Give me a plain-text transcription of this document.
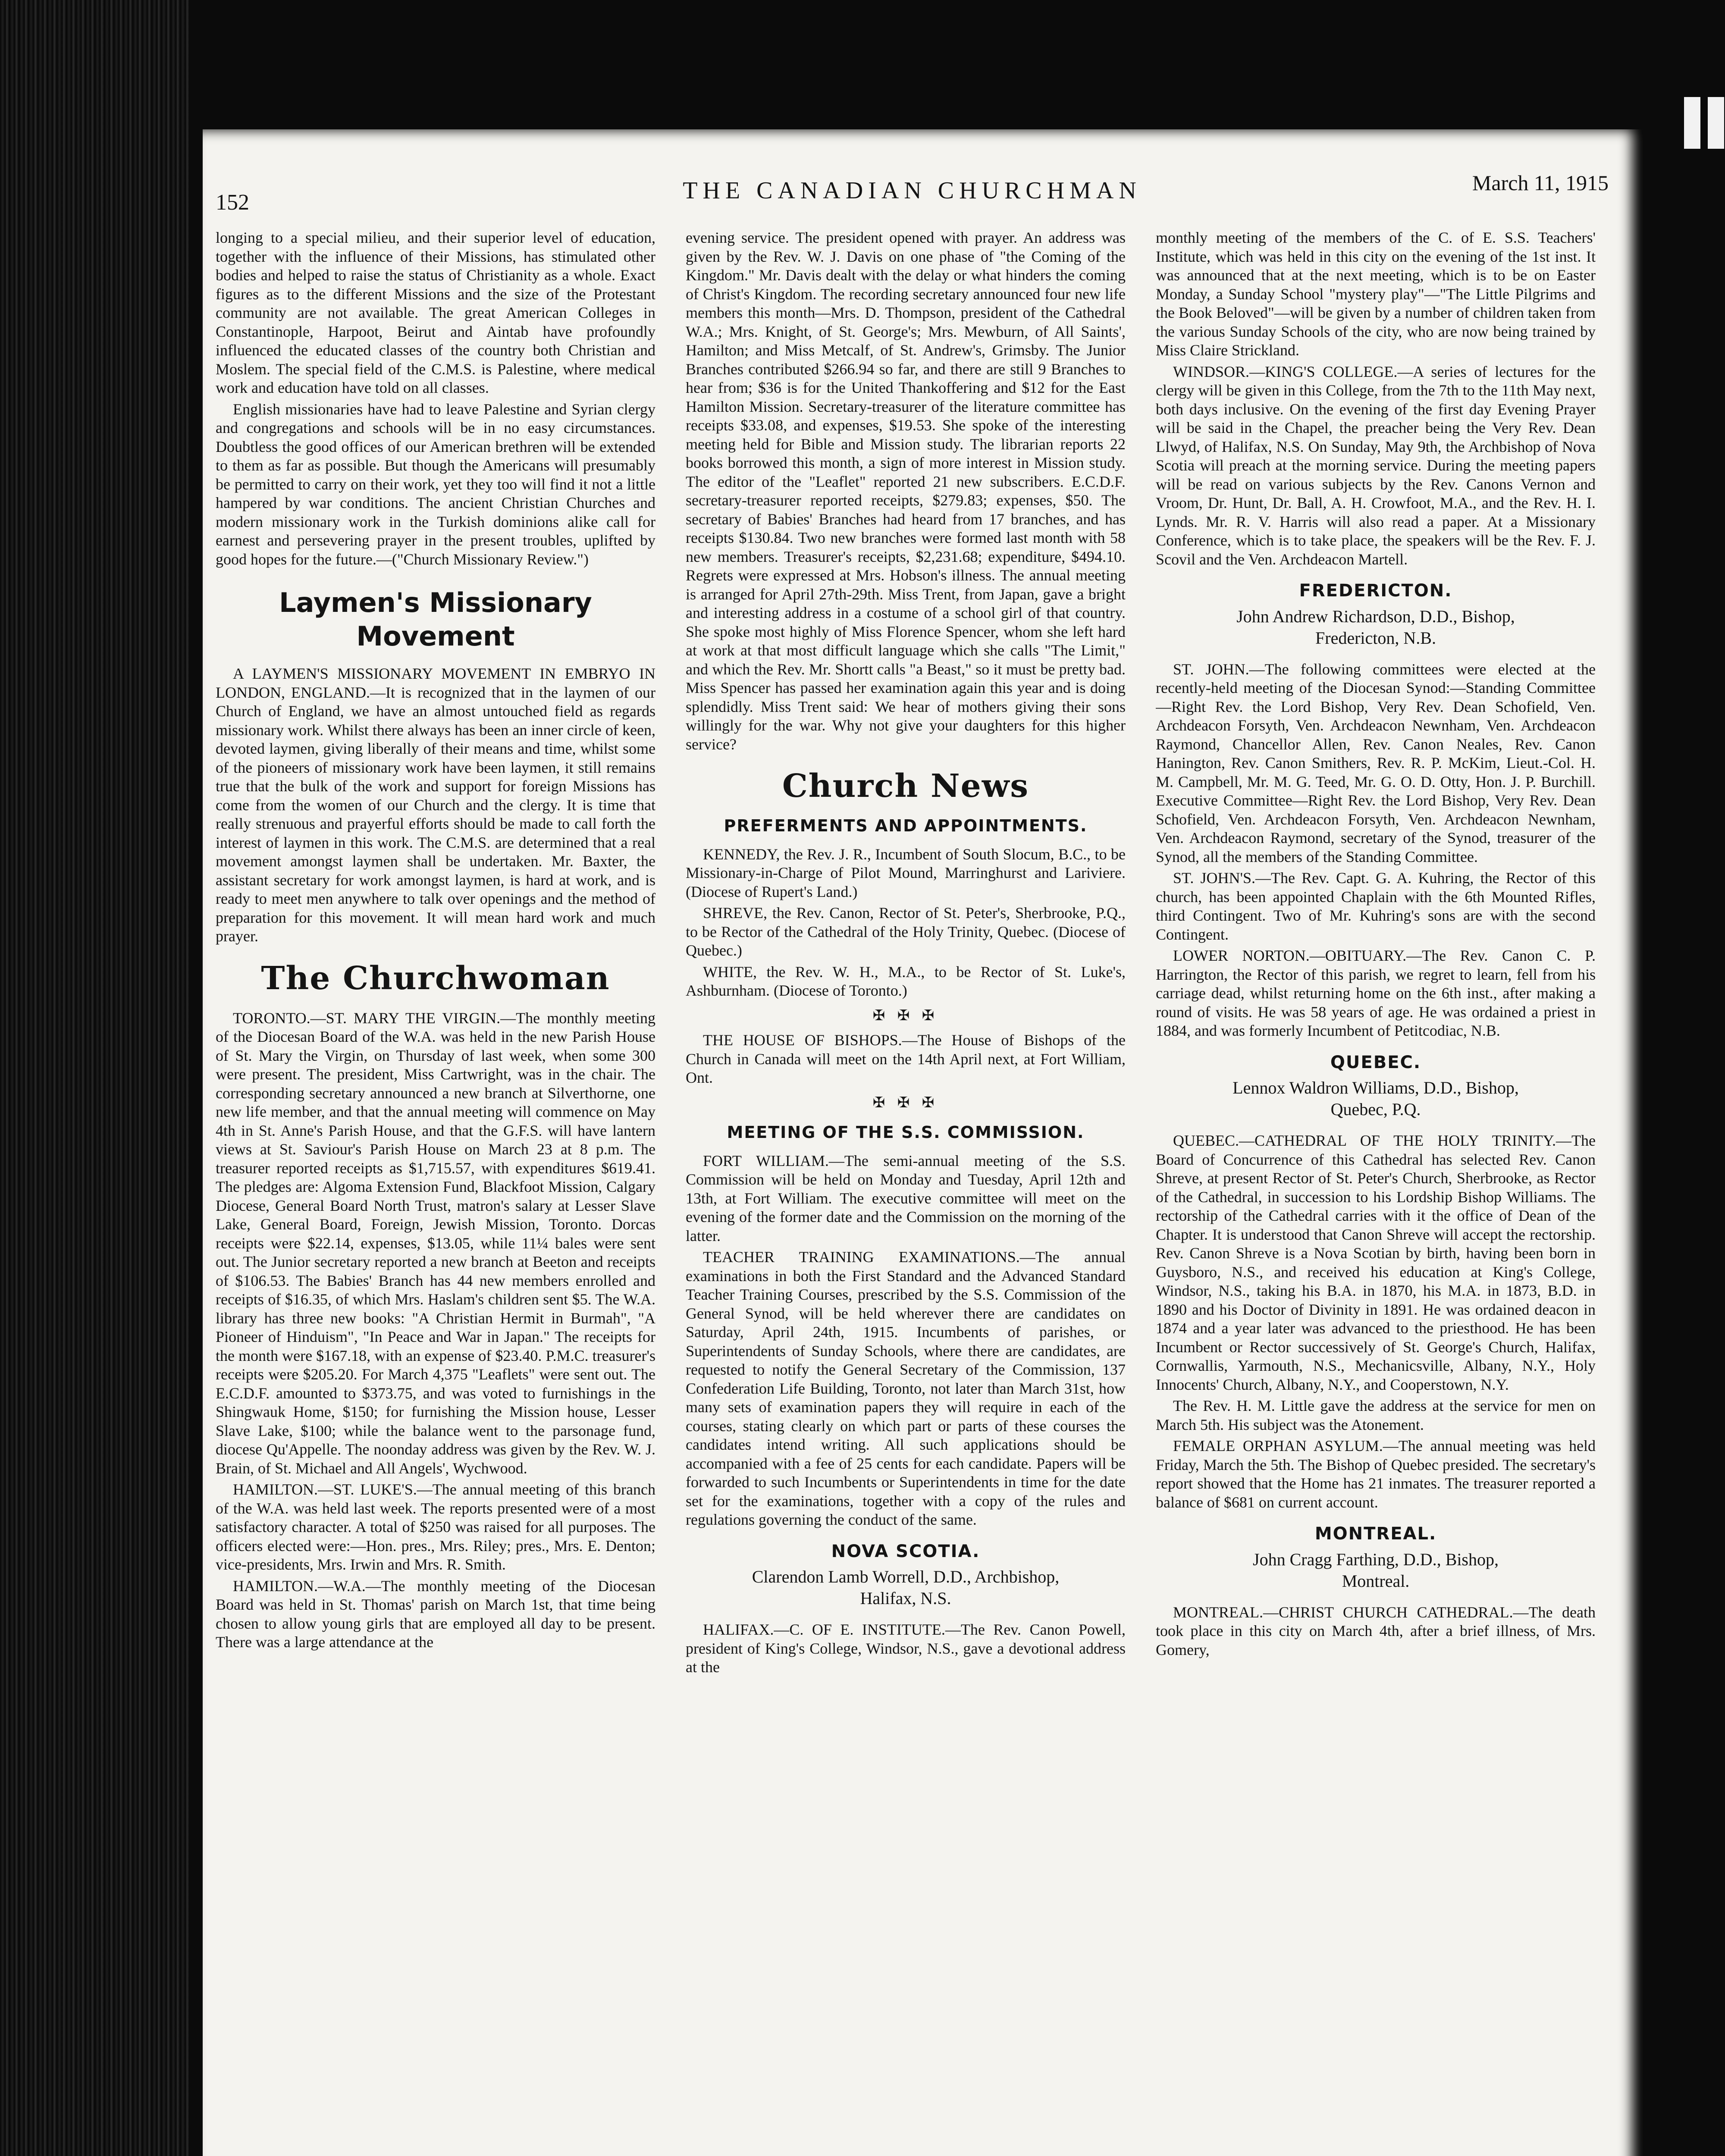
152	THE CANADIAN CHURCHMAN	March 11, 1915

longing to a special milieu, and their superior level of education, together with the influence of their Missions, has stimulated other bodies and helped to raise the status of Christianity as a whole. Exact figures as to the different Missions and the size of the Protestant community are not available. The great American Colleges in Constantinople, Harpoot, Beirut and Aintab have profoundly influenced the educated classes of the country both Christian and Moslem. The special field of the C.M.S. is Palestine, where medical work and education have told on all classes.

English missionaries have had to leave Palestine and Syrian clergy and congregations and schools will be in no easy circumstances. Doubtless the good offices of our American brethren will be extended to them as far as possible. But though the Americans will presumably be permitted to carry on their work, yet they too will find it not a little hampered by war conditions. The ancient Christian Churches and modern missionary work in the Turkish dominions alike call for earnest and persevering prayer in the present troubles, uplifted by good hopes for the future.—("Church Missionary Review.")

Laymen's Missionary Movement

A LAYMEN'S MISSIONARY MOVEMENT IN EMBRYO IN LONDON, ENGLAND.—It is recognized that in the laymen of our Church of England, we have an almost untouched field as regards missionary work. Whilst there always has been an inner circle of keen, devoted laymen, giving liberally of their means and time, whilst some of the pioneers of missionary work have been laymen, it still remains true that the bulk of the work and support for foreign Missions has come from the women of our Church and the clergy. It is time that really strenuous and prayerful efforts should be made to call forth the interest of laymen in this work. The C.M.S. are determined that a real movement amongst laymen shall be undertaken. Mr. Baxter, the assistant secretary for work amongst laymen, is hard at work, and is ready to meet men anywhere to talk over openings and the method of preparation for this movement. It will mean hard work and much prayer.

The Churchwoman

TORONTO.—ST. MARY THE VIRGIN.—The monthly meeting of the Diocesan Board of the W.A. was held in the new Parish House of St. Mary the Virgin, on Thursday of last week, when some 300 were present. The president, Miss Cartwright, was in the chair. The corresponding secretary announced a new branch at Silverthorne, one new life member, and that the annual meeting will commence on May 4th in St. Anne's Parish House, and that the G.F.S. will have lantern views at St. Saviour's Parish House on March 23 at 8 p.m. The treasurer reported receipts as $1,715.57, with expenditures $619.41. The pledges are: Algoma Extension Fund, Blackfoot Mission, Calgary Diocese, General Board North Trust, matron's salary at Lesser Slave Lake, General Board, Foreign, Jewish Mission, Toronto. Dorcas receipts were $22.14, expenses, $13.05, while 11¼ bales were sent out. The Junior secretary reported a new branch at Beeton and receipts of $106.53. The Babies' Branch has 44 new members enrolled and receipts of $16.35, of which Mrs. Haslam's children sent $5. The W.A. library has three new books: "A Christian Hermit in Burmah", "A Pioneer of Hinduism", "In Peace and War in Japan." The receipts for the month were $167.18, with an expense of $23.40. P.M.C. treasurer's receipts were $205.20. For March 4,375 "Leaflets" were sent out. The E.C.D.F. amounted to $373.75, and was voted to furnishings in the Shingwauk Home, $150; for furnishing the Mission house, Lesser Slave Lake, $100; while the balance went to the parsonage fund, diocese Qu'Appelle. The noonday address was given by the Rev. W. J. Brain, of St. Michael and All Angels', Wychwood.

HAMILTON.—ST. LUKE'S.—The annual meeting of this branch of the W.A. was held last week. The reports presented were of a most satisfactory character. A total of $250 was raised for all purposes. The officers elected were:—Hon. pres., Mrs. Riley; pres., Mrs. E. Denton; vice-presidents, Mrs. Irwin and Mrs. R. Smith.

HAMILTON.—W.A.—The monthly meeting of the Diocesan Board was held in St. Thomas' parish on March 1st, that time being chosen to allow young girls that are employed all day to be present. There was a large attendance at the

evening service. The president opened with prayer. An address was given by the Rev. W. J. Davis on one phase of "the Coming of the Kingdom." Mr. Davis dealt with the delay or what hinders the coming of Christ's Kingdom. The recording secretary announced four new life members this month—Mrs. D. Thompson, president of the Cathedral W.A.; Mrs. Knight, of St. George's; Mrs. Mewburn, of All Saints', Hamilton; and Miss Metcalf, of St. Andrew's, Grimsby. The Junior Branches contributed $266.94 so far, and there are still 9 Branches to hear from; $36 is for the United Thankoffering and $12 for the East Hamilton Mission. Secretary-treasurer of the literature committee has receipts $33.08, and expenses, $19.53. She spoke of the interesting meeting held for Bible and Mission study. The librarian reports 22 books borrowed this month, a sign of more interest in Mission study. The editor of the "Leaflet" reported 21 new subscribers. E.C.D.F. secretary-treasurer reported receipts, $279.83; expenses, $50. The secretary of Babies' Branches had heard from 17 branches, and has receipts $130.84. Two new branches were formed last month with 58 new members. Treasurer's receipts, $2,231.68; expenditure, $494.10. Regrets were expressed at Mrs. Hobson's illness. The annual meeting is arranged for April 27th-29th. Miss Trent, from Japan, gave a bright and interesting address in a costume of a school girl of that country. She spoke most highly of Miss Florence Spencer, whom she left hard at work at that most difficult language which she calls "The Limit," and which the Rev. Mr. Shortt calls "a Beast," so it must be pretty bad. Miss Spencer has passed her examination again this year and is doing splendidly. Miss Trent said: We hear of mothers giving their sons willingly for the war. Why not give your daughters for this higher service?

Church News
PREFERMENTS AND APPOINTMENTS.

KENNEDY, the Rev. J. R., Incumbent of South Slocum, B.C., to be Missionary-in-Charge of Pilot Mound, Marringhurst and Lariviere. (Diocese of Rupert's Land.)

SHREVE, the Rev. Canon, Rector of St. Peter's, Sherbrooke, P.Q., to be Rector of the Cathedral of the Holy Trinity, Quebec. (Diocese of Quebec.)

WHITE, the Rev. W. H., M.A., to be Rector of St. Luke's, Ashburnham. (Diocese of Toronto.)

✠ ✠ ✠

THE HOUSE OF BISHOPS.—The House of Bishops of the Church in Canada will meet on the 14th April next, at Fort William, Ont.

✠ ✠ ✠
MEETING OF THE S.S. COMMISSION.

FORT WILLIAM.—The semi-annual meeting of the S.S. Commission will be held on Monday and Tuesday, April 12th and 13th, at Fort William. The executive committee will meet on the evening of the former date and the Commission on the morning of the latter.

TEACHER TRAINING EXAMINATIONS.—The annual examinations in both the First Standard and the Advanced Standard Teacher Training Courses, prescribed by the S.S. Commission of the General Synod, will be held wherever there are candidates on Saturday, April 24th, 1915. Incumbents of parishes, or Superintendents of Sunday Schools, where there are candidates, are requested to notify the General Secretary of the Commission, 137 Confederation Life Building, Toronto, not later than March 31st, how many sets of examination papers they will require in each of the courses, stating clearly on which part or parts of these courses the candidates intend writing. All such applications should be accompanied with a fee of 25 cents for each candidate. Papers will be forwarded to such Incumbents or Superintendents in time for the date set for the examinations, together with a copy of the rules and regulations governing the conduct of the same.

NOVA SCOTIA.
Clarendon Lamb Worrell, D.D., Archbishop,
Halifax, N.S.

HALIFAX.—C. OF E. INSTITUTE.—The Rev. Canon Powell, president of King's College, Windsor, N.S., gave a devotional address at the

monthly meeting of the members of the C. of E. S.S. Teachers' Institute, which was held in this city on the evening of the 1st inst. It was announced that at the next meeting, which is to be on Easter Monday, a Sunday School "mystery play"—"The Little Pilgrims and the Book Beloved"—will be given by a number of children taken from the various Sunday Schools of the city, who are now being trained by Miss Claire Strickland.

WINDSOR.—KING'S COLLEGE.—A series of lectures for the clergy will be given in this College, from the 7th to the 11th May next, both days inclusive. On the evening of the first day Evening Prayer will be said in the Chapel, the preacher being the Very Rev. Dean Llwyd, of Halifax, N.S. On Sunday, May 9th, the Archbishop of Nova Scotia will preach at the morning service. During the meeting papers will be read on various subjects by the Rev. Canons Vernon and Vroom, Dr. Hunt, Dr. Ball, A. H. Crowfoot, M.A., and the Rev. H. I. Lynds. Mr. R. V. Harris will also read a paper. At a Missionary Conference, which is to take place, the speakers will be the Rev. F. J. Scovil and the Ven. Archdeacon Martell.

FREDERICTON.
John Andrew Richardson, D.D., Bishop,
Fredericton, N.B.

ST. JOHN.—The following committees were elected at the recently-held meeting of the Diocesan Synod:—Standing Committee—Right Rev. the Lord Bishop, Very Rev. Dean Schofield, Ven. Archdeacon Forsyth, Ven. Archdeacon Newnham, Ven. Archdeacon Raymond, Chancellor Allen, Rev. Canon Neales, Rev. Canon Hanington, Rev. Canon Smithers, Rev. R. P. McKim, Lieut.-Col. H. M. Campbell, Mr. M. G. Teed, Mr. G. O. D. Otty, Hon. J. P. Burchill. Executive Committee—Right Rev. the Lord Bishop, Very Rev. Dean Schofield, Ven. Archdeacon Forsyth, Ven. Archdeacon Newnham, Ven. Archdeacon Raymond, secretary of the Synod, treasurer of the Synod, all the members of the Standing Committee.

ST. JOHN'S.—The Rev. Capt. G. A. Kuhring, the Rector of this church, has been appointed Chaplain with the 6th Mounted Rifles, third Contingent. Two of Mr. Kuhring's sons are with the second Contingent.

LOWER NORTON.—OBITUARY.—The Rev. Canon C. P. Harrington, the Rector of this parish, we regret to learn, fell from his carriage dead, whilst returning home on the 6th inst., after making a round of visits. He was 58 years of age. He was ordained a priest in 1884, and was formerly Incumbent of Petitcodiac, N.B.

QUEBEC.
Lennox Waldron Williams, D.D., Bishop,
Quebec, P.Q.

QUEBEC.—CATHEDRAL OF THE HOLY TRINITY.—The Board of Concurrence of this Cathedral has selected Rev. Canon Shreve, at present Rector of St. Peter's Church, Sherbrooke, as Rector of the Cathedral, in succession to his Lordship Bishop Williams. The rectorship of the Cathedral carries with it the office of Dean of the Chapter. It is understood that Canon Shreve will accept the rectorship. Rev. Canon Shreve is a Nova Scotian by birth, having been born in Guysboro, N.S., and received his education at King's College, Windsor, N.S., taking his B.A. in 1870, his M.A. in 1873, B.D. in 1890 and his Doctor of Divinity in 1891. He was ordained deacon in 1874 and a year later was advanced to the priesthood. He has been Incumbent or Rector successively of St. George's Church, Halifax, Cornwallis, Yarmouth, N.S., Mechanicsville, Albany, N.Y., Holy Innocents' Church, Albany, N.Y., and Cooperstown, N.Y.

The Rev. H. M. Little gave the address at the service for men on March 5th. His subject was the Atonement.

FEMALE ORPHAN ASYLUM.—The annual meeting was held Friday, March the 5th. The Bishop of Quebec presided. The secretary's report showed that the Home has 21 inmates. The treasurer reported a balance of $681 on current account.

MONTREAL.
John Cragg Farthing, D.D., Bishop,
Montreal.

MONTREAL.—CHRIST CHURCH CATHEDRAL.—The death took place in this city on March 4th, after a brief illness, of Mrs. Gomery,
